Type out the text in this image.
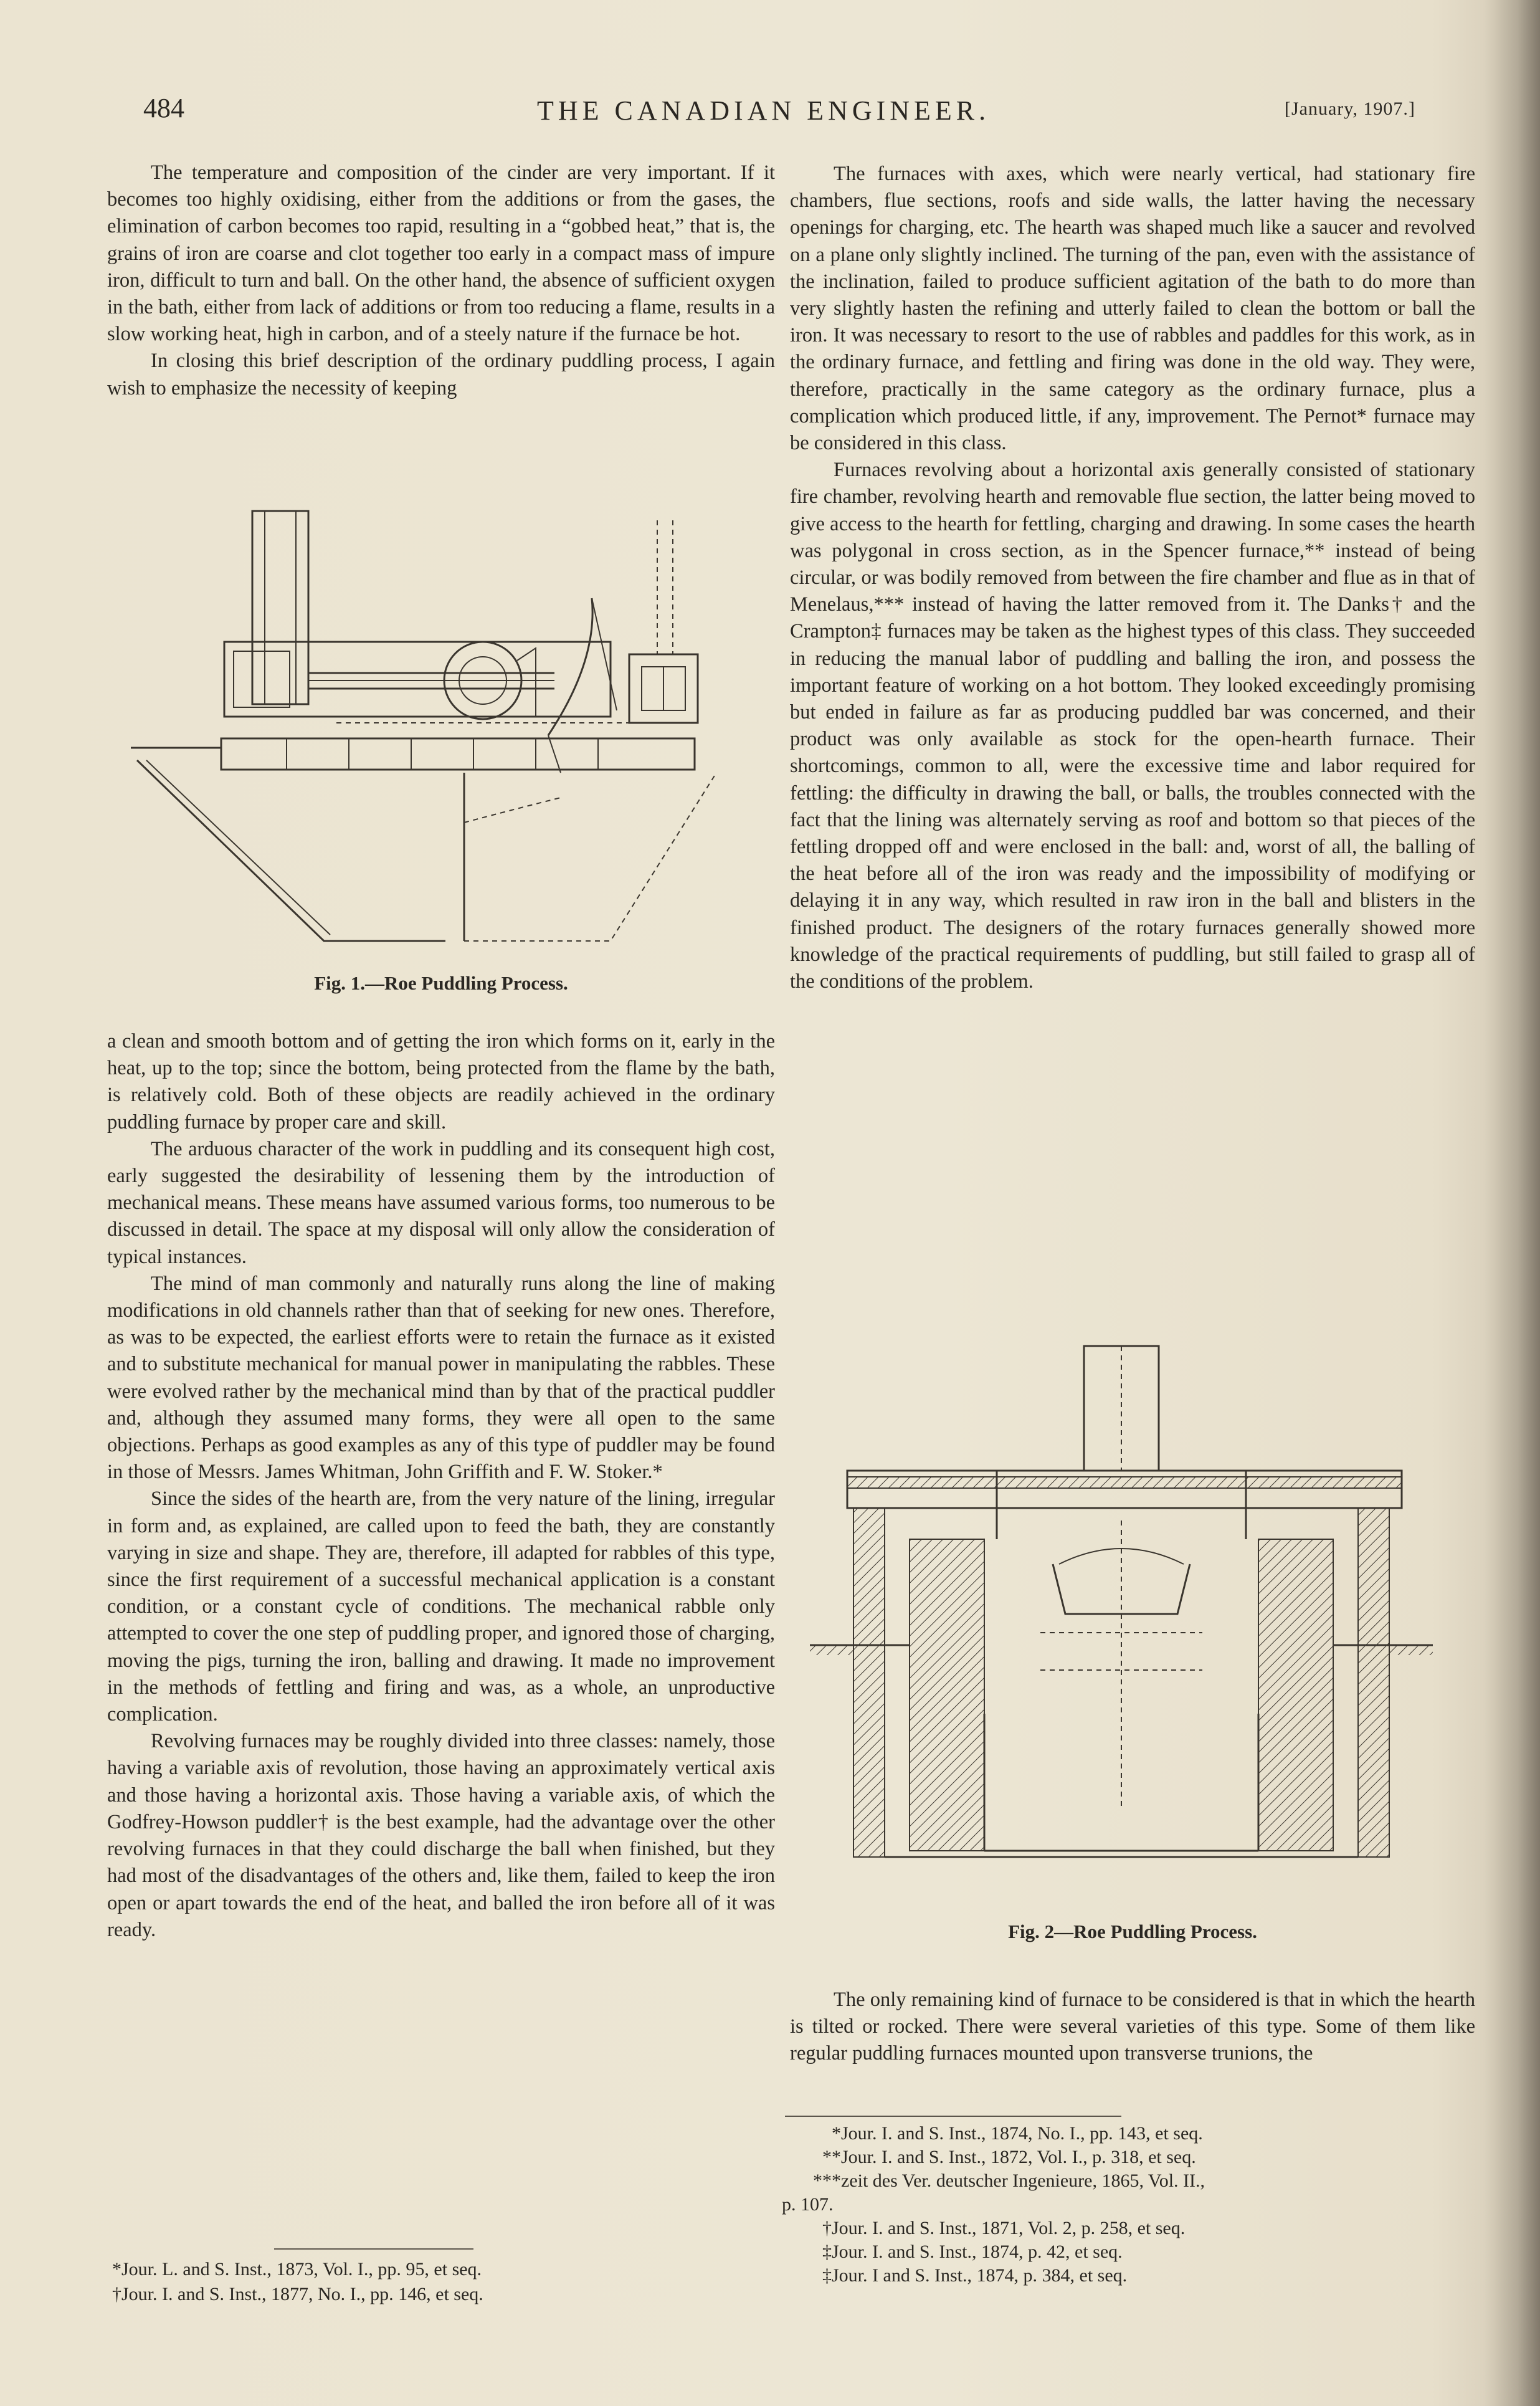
484	THE CANADIAN ENGINEER.	[January, 1907.]

The temperature and composition of the cinder are very important. If it becomes too highly oxidising, either from the additions or from the gases, the elimination of carbon becomes too rapid, resulting in a “gobbed heat,” that is, the grains of iron are coarse and clot together too early in a compact mass of impure iron, difficult to turn and ball. On the other hand, the absence of sufficient oxygen in the bath, either from lack of additions or from too reducing a flame, results in a slow working heat, high in carbon, and of a steely nature if the furnace be hot.

In closing this brief description of the ordinary puddling process, I again wish to emphasize the necessity of keeping

Fig. 1.—Roe Puddling Process.

a clean and smooth bottom and of getting the iron which forms on it, early in the heat, up to the top; since the bottom, being protected from the flame by the bath, is relatively cold. Both of these objects are readily achieved in the ordinary puddling furnace by proper care and skill.

The arduous character of the work in puddling and its consequent high cost, early suggested the desirability of lessening them by the introduction of mechanical means. These means have assumed various forms, too numerous to be discussed in detail. The space at my disposal will only allow the consideration of typical instances.

The mind of man commonly and naturally runs along the line of making modifications in old channels rather than that of seeking for new ones. Therefore, as was to be expected, the earliest efforts were to retain the furnace as it existed and to substitute mechanical for manual power in manipulating the rabbles. These were evolved rather by the mechanical mind than by that of the practical puddler and, although they assumed many forms, they were all open to the same objections. Perhaps as good examples as any of this type of puddler may be found in those of Messrs. James Whitman, John Griffith and F. W. Stoker.*

Since the sides of the hearth are, from the very nature of the lining, irregular in form and, as explained, are called upon to feed the bath, they are constantly varying in size and shape. They are, therefore, ill adapted for rabbles of this type, since the first requirement of a successful mechanical application is a constant condition, or a constant cycle of conditions. The mechanical rabble only attempted to cover the one step of puddling proper, and ignored those of charging, moving the pigs, turning the iron, balling and drawing. It made no improvement in the methods of fettling and firing and was, as a whole, an unproductive complication.

Revolving furnaces may be roughly divided into three classes: namely, those having a variable axis of revolution, those having an approximately vertical axis and those having a horizontal axis. Those having a variable axis, of which the Godfrey-Howson puddler† is the best example, had the advantage over the other revolving furnaces in that they could discharge the ball when finished, but they had most of the disadvantages of the others and, like them, failed to keep the iron open or apart towards the end of the heat, and balled the iron before all of it was ready.

*Jour. L. and S. Inst., 1873, Vol. I., pp. 95, et seq.
†Jour. I. and S. Inst., 1877, No. I., pp. 146, et seq.

The furnaces with axes, which were nearly vertical, had stationary fire chambers, flue sections, roofs and side walls, the latter having the necessary openings for charging, etc. The hearth was shaped much like a saucer and revolved on a plane only slightly inclined. The turning of the pan, even with the assistance of the inclination, failed to produce sufficient agitation of the bath to do more than very slightly hasten the refining and utterly failed to clean the bottom or ball the iron. It was necessary to resort to the use of rabbles and paddles for this work, as in the ordinary furnace, and fettling and firing was done in the old way. They were, therefore, practically in the same category as the ordinary furnace, plus a complication which produced little, if any, improvement. The Pernot* furnace may be considered in this class.

Furnaces revolving about a horizontal axis generally consisted of stationary fire chamber, revolving hearth and removable flue section, the latter being moved to give access to the hearth for fettling, charging and drawing. In some cases the hearth was polygonal in cross section, as in the Spencer furnace,** instead of being circular, or was bodily removed from between the fire chamber and flue as in that of Menelaus,*** instead of having the latter removed from it. The Danks† and the Crampton‡ furnaces may be taken as the highest types of this class. They succeeded in reducing the manual labor of puddling and balling the iron, and possess the important feature of working on a hot bottom. They looked exceedingly promising but ended in failure as far as producing puddled bar was concerned, and their product was only available as stock for the open-hearth furnace. Their shortcomings, common to all, were the excessive time and labor required for fettling: the difficulty in drawing the ball, or balls, the troubles connected with the fact that the lining was alternately serving as roof and bottom so that pieces of the fettling dropped off and were enclosed in the ball: and, worst of all, the balling of the heat before all of the iron was ready and the impossibility of modifying or delaying it in any way, which resulted in raw iron in the ball and blisters in the finished product. The designers of the rotary furnaces generally showed more knowledge of the practical requirements of puddling, but still failed to grasp all of the conditions of the problem.

Fig. 2—Roe Puddling Process.

The only remaining kind of furnace to be considered is that in which the hearth is tilted or rocked. There were several varieties of this type. Some of them like regular puddling furnaces mounted upon transverse trunions, the

*Jour. I. and S. Inst., 1874, No. I., pp. 143, et seq.
**Jour. I. and S. Inst., 1872, Vol. I., p. 318, et seq.
***zeit des Ver. deutscher Ingenieure, 1865, Vol. II.,
p. 107.
†Jour. I. and S. Inst., 1871, Vol. 2, p. 258, et seq.
‡Jour. I. and S. Inst., 1874, p. 42, et seq.
‡Jour. I and S. Inst., 1874, p. 384, et seq.
